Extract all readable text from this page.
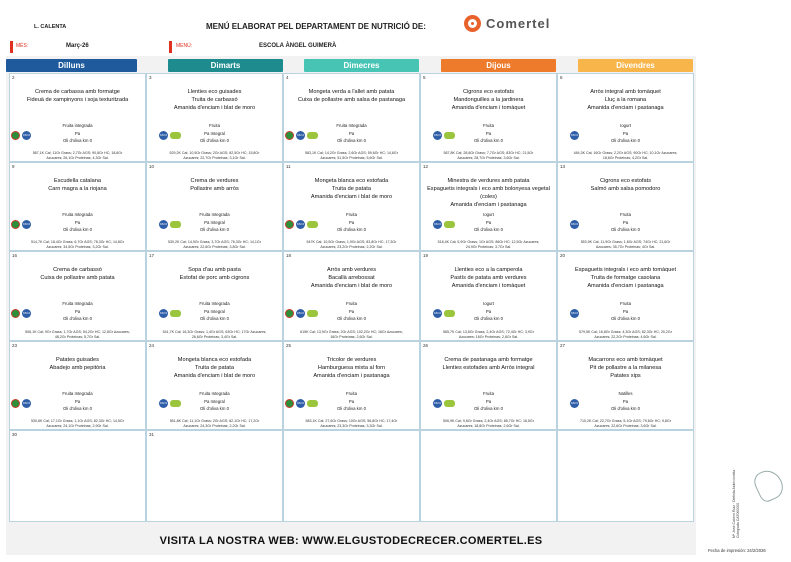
L. CALENTA	MENÚ ELABORAT PEL DEPARTAMENT DE NUTRICIÓ DE:	Comertel
MÉS:	Març-26	MENÚ:	ESCOLA ÀNGEL GUIMERÀ
Dilluns	Dimarts	Dimecres	Dijous	Divendres
2
Crema de carbassa amb formatge
Fideuà de xampinyons i soja texturitzada
Fruita integrada
Pa
Oli d'oliva km 0
KM 0
587,1K Cal; 11Gr Grass; 2,7Gr AGS; 90,8Gr HC; 18,6Gr
Azucares; 26,1Gr Proteinas; 4,3Gr Sal.
3
Llenties eco guisades
Truita de carbassó
Amanida d'enciam i blat de moro
Fruita
Pa Integral
Oli d'oliva km 0
KM 0
529,2K Cal; 10,5Gr Grass; 2Gr AGS; 82,5Gr HC; 15,8Gr
Azucares; 22,7Gr Proteinas; 3,1Gr Sal.
4
Mongeta verda a l'allet amb patata
Cuixa de pollastre amb salsa de pastanaga
Fruita Integrada
Pa
Oli d'oliva km 0
KM 0
583,1K Cal; 14,2Gr Grass; 2,6Gr AGS; 59,6Gr HC; 14,6Gr
Azucares; 51,5Gr Proteinas; 5,6Gr Sal.
5
Cigrons eco estofats
Mandonguilles a la jardinera
Amanida d'enciam i tomàquet
Fruita
Pa
Oli d'oliva km 0
KM 0
587,8K Cal; 28,8Gr Grass; 7,7Gr AGS; 83Gr HC; 21,5Gr
Azucares; 28,7Gr Proteinas; 3,6Gr Sal.
6
Arròs integral amb tomàquet
Lluç a la romana
Amanida d'enciam i pastanaga
Iogurt
Pa
Oli d'oliva km 0
KM 0
484,3K Cal; 16Gr Grass; 2,2Gr AGS; 90Gr HC; 10,1Gr Azucares;
18,6Gr Proteinas; 4,2Gr Sal.
9
Escudella catalana
Carn magra a la riojana
Fruita Integrada
Pa
Oli d'oliva km 0
KM 0
514,7K Cal; 18,4Gr Grass; 6,7Gr AGS; 78,3Gr HC; 14,8Gr
Azucares; 34,5Gr Proteinas; 3,2Gr Sal.
10
Crema de verdures
Pollastre amb arròs
Fruita Integrada
Pa Integral
Oli d'oliva km 0
KM 0
530,2K Cal; 14,9Gr Grass; 3,7Gr AGS; 76,3Gr HC; 14,1Gr
Azucares; 22,6Gr Proteinas; 3,8Gr Sal.
11
Mongeta blanca eco estofada
Truita de patata
Amanida d'enciam i blat de moro
Fruita
Pa
Oli d'oliva km 0
KM 0
547K Cal; 10,5Gr Grass; 1,9Gr AGS; 83,8Gr HC; 17,3Gr
Azucares; 23,2Gr Proteinas; 2,2Gr Sal.
12
Minestra de verdures amb patata
Espaguetis integrals i eco amb bolonyesa vegetal (coles)
Amanida d'enciam i pastanaga
Iogurt
Pa
Oli d'oliva km 0
KM 0
518,4K Cal; 5,9Gr Grass; 1Gr AGS; 86Gr HC; 12,5Gr Azucares;
24,9Gr Proteinas; 3,7Gr Sal.
13
Cigrons eco estofats
Salmó amb salsa pomodoro
Fruita
Pa
Oli d'oliva km 0
KM 0
553,9K Cal; 11,9Gr Grass; 1,6Gr AGS; 74Gr HC; 21,6Gr
Azucares; 35,7Gr Proteinas; 4Gr Sal.
16
Crema de carbassó
Cuixa de pollastre amb patata
Fruita Integrada
Pa
Oli d'oliva km 0
KM 0
506,1K Cal; 9Gr Grass; 1,7Gr AGS; 54,2Gr HC; 12,8Gr Azucares;
48,2Gr Proteinas; 5,7Gr Sal.
17
Sopa d'au amb pasta
Estofat de porc amb cigrons
Fruita Integrada
Pa Integral
Oli d'oliva km 0
KM 0
541,7K Cal; 16,3Gr Grass; 1,4Gr AGS; 63Gr HC; 17Gr Azucares;
26,6Gr Proteinas; 3,4Gr Sal.
18
Arròs amb verdures
Bacallà arrebossat
Amanida d'enciam i blat de moro
Fruita
Pa
Oli d'oliva km 0
KM 0
615K Cal; 13,9Gr Grass; 2Gr AGS; 102,2Gr HC; 16Gr Azucares;
16Gr Proteinas; 2,6Gr Sal.
19
Llenties eco a la camperola
Pastís de patata amb verdures
Amanida d'enciam i tomàquet
Iogurt
Pa
Oli d'oliva km 0
KM 0
565,7K Cal; 13,6Gr Grass; 2,4Gr AGS; 72,4Gr HC; 3,9Gr
Azucares; 16Gr Proteinas; 2,6Gr Sal.
20
Espaguetis integrals i eco amb tomàquet
Truita de formatge casolana
Amanida d'enciam i pastanaga
Fruita
Pa
Oli d'oliva km 0
KM 0
579,5K Cal; 16,8Gr Grass; 4,3Gr AGS; 82,3Gr HC; 20,2Gr
Azucares; 22,2Gr Proteinas; 4,6Gr Sal.
23
Patates guisades
Abadejo amb pepitòria
Fruita Integrada
Pa
Oli d'oliva km 0
KM 0
530,6K Cal; 17,1Gr Grass; 1,1Gr AGS; 82,3Gr HC; 14,5Gr
Azucares; 24,1Gr Proteinas; 2,9Gr Sal.
24
Mongeta blanca eco estofada
Truita de patata
Amanida d'enciam i blat de moro
Fruita Integrada
Pa Integral
Oli d'oliva km 0
KM 0
551,8K Cal; 11,1Gr Grass; 2Gr AGS; 82,1Gr HC; 17,2Gr
Azucares; 24,3Gr Proteinas; 2,2Gr Sal.
25
Tricolor de verdures
Hamburguesa mixta al forn
Amanida d'enciam i pastanaga
Fruita
Pa
Oli d'oliva km 0
KM 0
583,1K Cal; 27,6Gr Grass; 10Gr AGS; 56,8Gr HC; 17,4Gr
Azucares; 23,3Gr Proteinas; 3,3Gr Sal.
26
Crema de pastanaga amb formatge
Llenties estofades amb Arròs integral
Fruita
Pa
Oli d'oliva km 0
KM 0
506,9K Cal; 9,6Gr Grass; 2,4Gr AGS; 85,7Gr HC; 16,5Gr
Azucares; 18,8Gr Proteinas; 2,6Gr Sal.
27
Macarrons eco amb tomàquet
Pit de pollastre a la milanesa
Patates xips
Natilles
Pa
Oli d'oliva km 0
KM 0
710,2K Cal; 22,7Gr Grass; 5,1Gr AGS; 79,6Gr HC; 9,8Gr
Azucares; 22,6Gr Proteinas; 3,6Gr Sal.
30	31
VISITA LA NOSTRA WEB: WWW.ELGUSTODECRECER.COMERTEL.ES
Mª José Cabero Ruiz · Dietista-Nutricionista · Colegiada CAT000000
Fecha de impresión: 24/2/2026
